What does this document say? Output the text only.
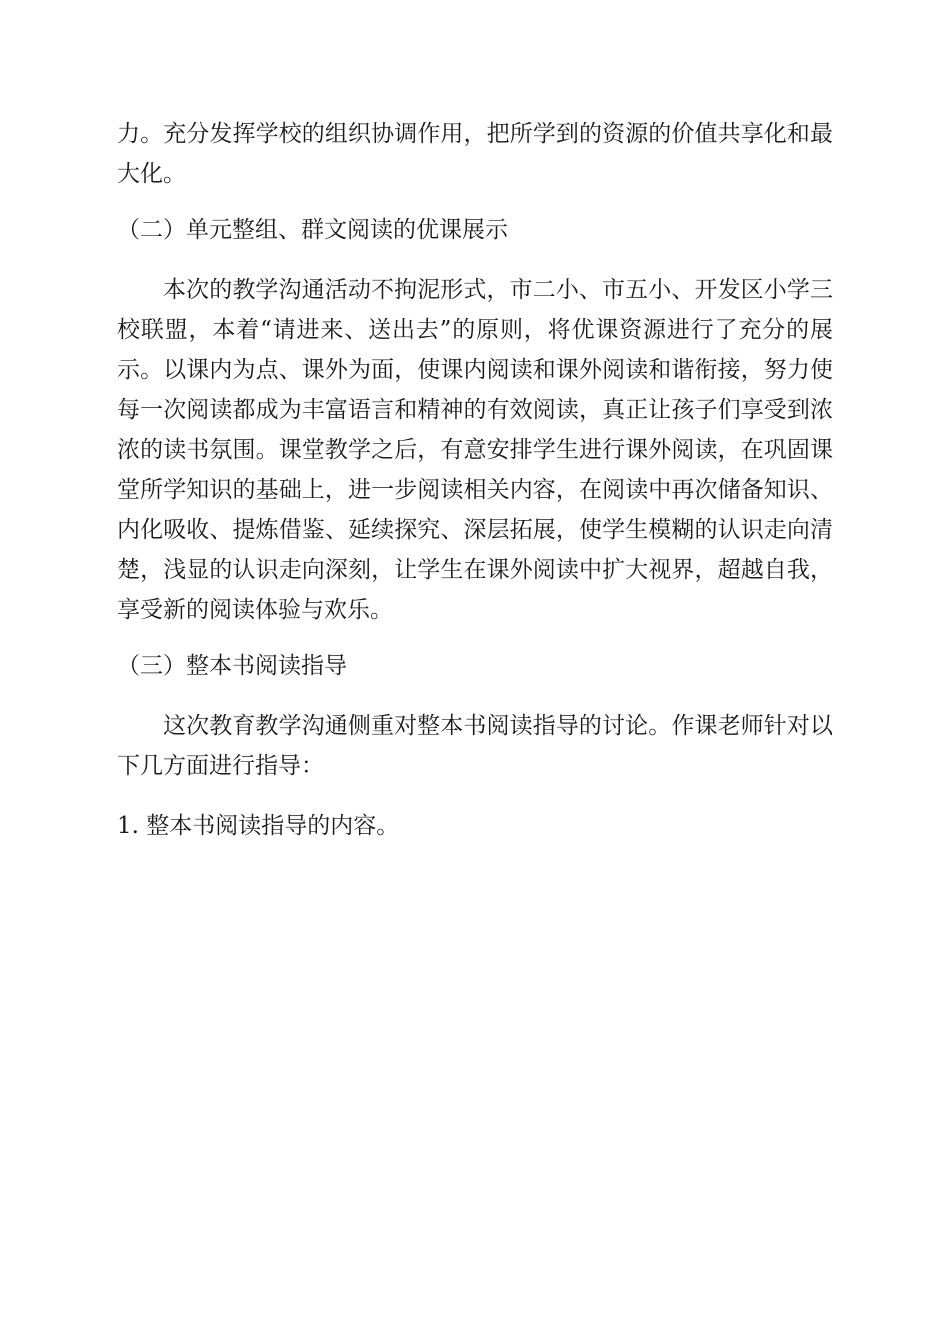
力。充分发挥学校的组织协调作用，把所学到的资源的价值共享化和最大化。

（二）单元整组、群文阅读的优课展示

本次的教学沟通活动不拘泥形式，市二小、市五小、开发区小学三校联盟，本着“请进来、送出去”的原则，将优课资源进行了充分的展示。以课内为点、课外为面，使课内阅读和课外阅读和谐衔接，努力使每一次阅读都成为丰富语言和精神的有效阅读，真正让孩子们享受到浓浓的读书氛围。课堂教学之后，有意安排学生进行课外阅读，在巩固课堂所学知识的基础上，进一步阅读相关内容，在阅读中再次储备知识、内化吸收、提炼借鉴、延续探究、深层拓展，使学生模糊的认识走向清楚，浅显的认识走向深刻，让学生在课外阅读中扩大视界，超越自我，享受新的阅读体验与欢乐。

（三）整本书阅读指导

这次教育教学沟通侧重对整本书阅读指导的讨论。作课老师针对以下几方面进行指导：

1. 整本书阅读指导的内容。
